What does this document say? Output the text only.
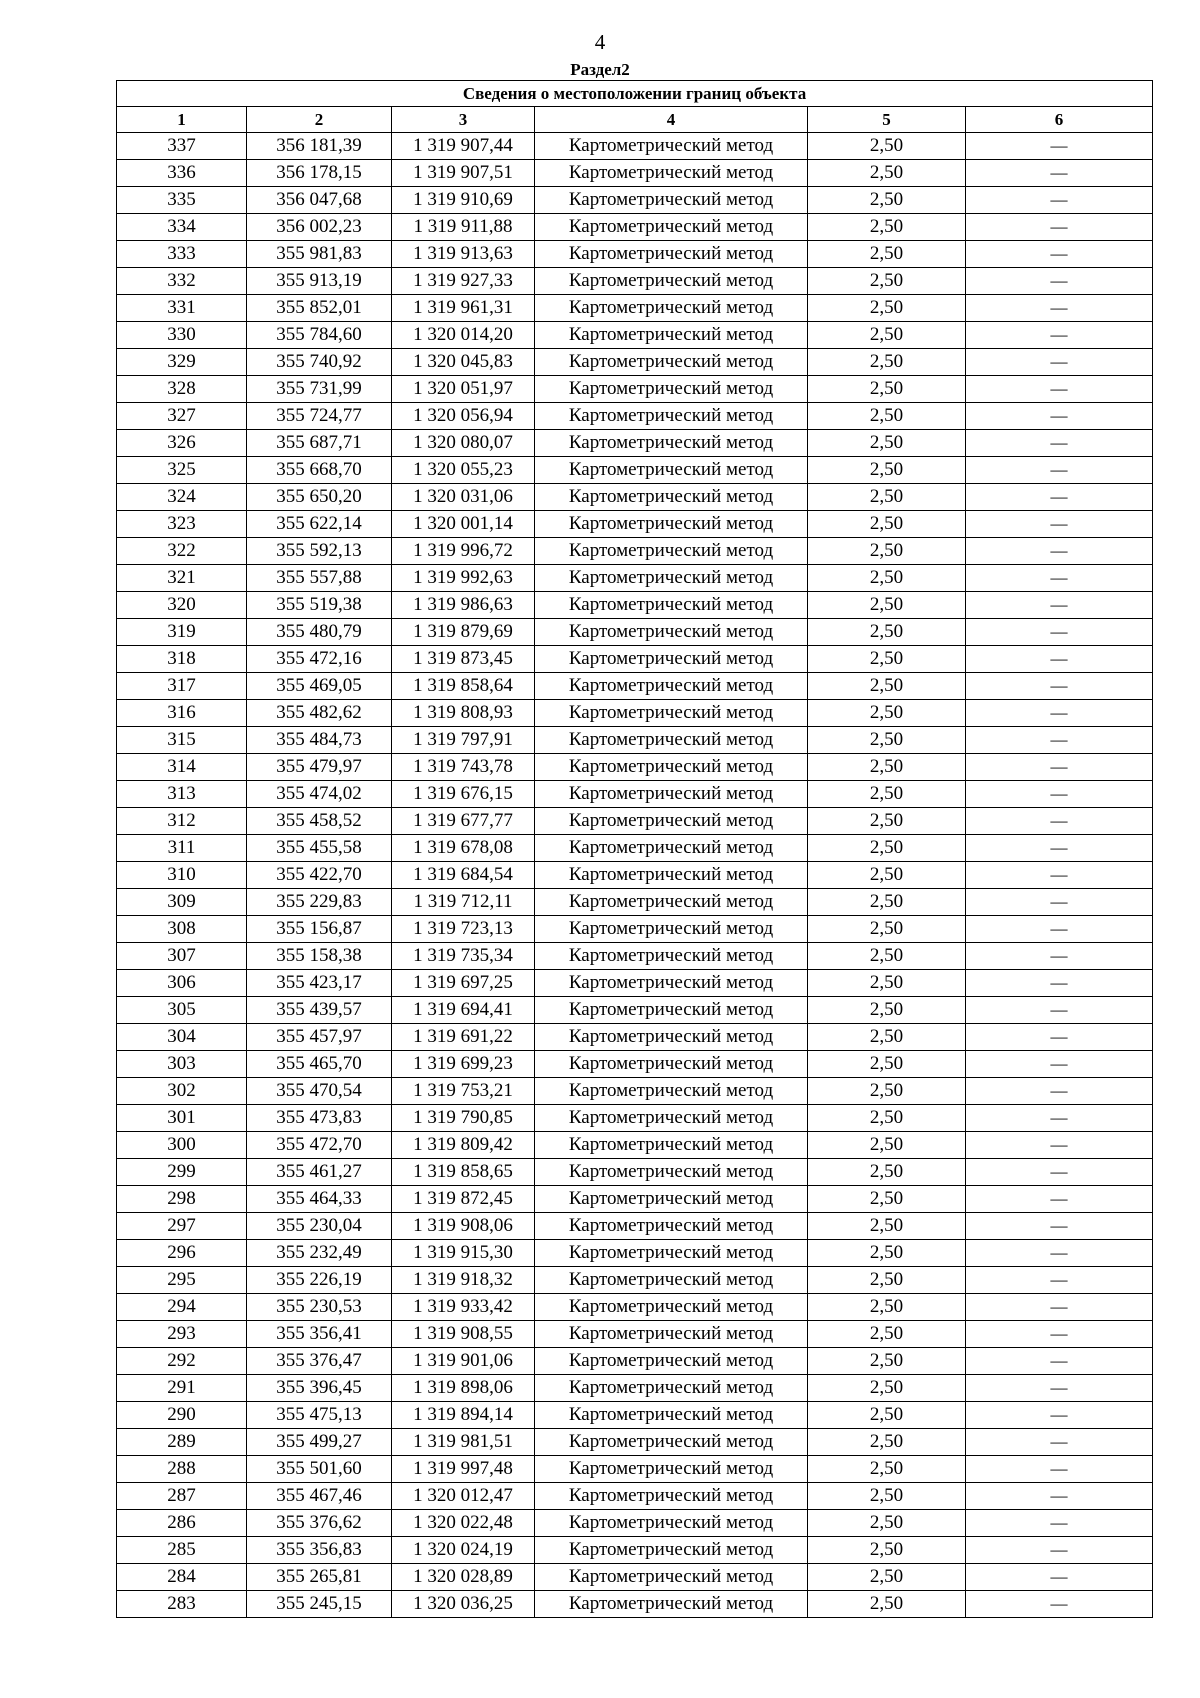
4
Раздел2
Сведения о местоположении границ объекта					
1	2	3	4	5	6
337	356 181,39	1 319 907,44	Картометрический метод	2,50	—
336	356 178,15	1 319 907,51	Картометрический метод	2,50	—
335	356 047,68	1 319 910,69	Картометрический метод	2,50	—
334	356 002,23	1 319 911,88	Картометрический метод	2,50	—
333	355 981,83	1 319 913,63	Картометрический метод	2,50	—
332	355 913,19	1 319 927,33	Картометрический метод	2,50	—
331	355 852,01	1 319 961,31	Картометрический метод	2,50	—
330	355 784,60	1 320 014,20	Картометрический метод	2,50	—
329	355 740,92	1 320 045,83	Картометрический метод	2,50	—
328	355 731,99	1 320 051,97	Картометрический метод	2,50	—
327	355 724,77	1 320 056,94	Картометрический метод	2,50	—
326	355 687,71	1 320 080,07	Картометрический метод	2,50	—
325	355 668,70	1 320 055,23	Картометрический метод	2,50	—
324	355 650,20	1 320 031,06	Картометрический метод	2,50	—
323	355 622,14	1 320 001,14	Картометрический метод	2,50	—
322	355 592,13	1 319 996,72	Картометрический метод	2,50	—
321	355 557,88	1 319 992,63	Картометрический метод	2,50	—
320	355 519,38	1 319 986,63	Картометрический метод	2,50	—
319	355 480,79	1 319 879,69	Картометрический метод	2,50	—
318	355 472,16	1 319 873,45	Картометрический метод	2,50	—
317	355 469,05	1 319 858,64	Картометрический метод	2,50	—
316	355 482,62	1 319 808,93	Картометрический метод	2,50	—
315	355 484,73	1 319 797,91	Картометрический метод	2,50	—
314	355 479,97	1 319 743,78	Картометрический метод	2,50	—
313	355 474,02	1 319 676,15	Картометрический метод	2,50	—
312	355 458,52	1 319 677,77	Картометрический метод	2,50	—
311	355 455,58	1 319 678,08	Картометрический метод	2,50	—
310	355 422,70	1 319 684,54	Картометрический метод	2,50	—
309	355 229,83	1 319 712,11	Картометрический метод	2,50	—
308	355 156,87	1 319 723,13	Картометрический метод	2,50	—
307	355 158,38	1 319 735,34	Картометрический метод	2,50	—
306	355 423,17	1 319 697,25	Картометрический метод	2,50	—
305	355 439,57	1 319 694,41	Картометрический метод	2,50	—
304	355 457,97	1 319 691,22	Картометрический метод	2,50	—
303	355 465,70	1 319 699,23	Картометрический метод	2,50	—
302	355 470,54	1 319 753,21	Картометрический метод	2,50	—
301	355 473,83	1 319 790,85	Картометрический метод	2,50	—
300	355 472,70	1 319 809,42	Картометрический метод	2,50	—
299	355 461,27	1 319 858,65	Картометрический метод	2,50	—
298	355 464,33	1 319 872,45	Картометрический метод	2,50	—
297	355 230,04	1 319 908,06	Картометрический метод	2,50	—
296	355 232,49	1 319 915,30	Картометрический метод	2,50	—
295	355 226,19	1 319 918,32	Картометрический метод	2,50	—
294	355 230,53	1 319 933,42	Картометрический метод	2,50	—
293	355 356,41	1 319 908,55	Картометрический метод	2,50	—
292	355 376,47	1 319 901,06	Картометрический метод	2,50	—
291	355 396,45	1 319 898,06	Картометрический метод	2,50	—
290	355 475,13	1 319 894,14	Картометрический метод	2,50	—
289	355 499,27	1 319 981,51	Картометрический метод	2,50	—
288	355 501,60	1 319 997,48	Картометрический метод	2,50	—
287	355 467,46	1 320 012,47	Картометрический метод	2,50	—
286	355 376,62	1 320 022,48	Картометрический метод	2,50	—
285	355 356,83	1 320 024,19	Картометрический метод	2,50	—
284	355 265,81	1 320 028,89	Картометрический метод	2,50	—
283	355 245,15	1 320 036,25	Картометрический метод	2,50	—
